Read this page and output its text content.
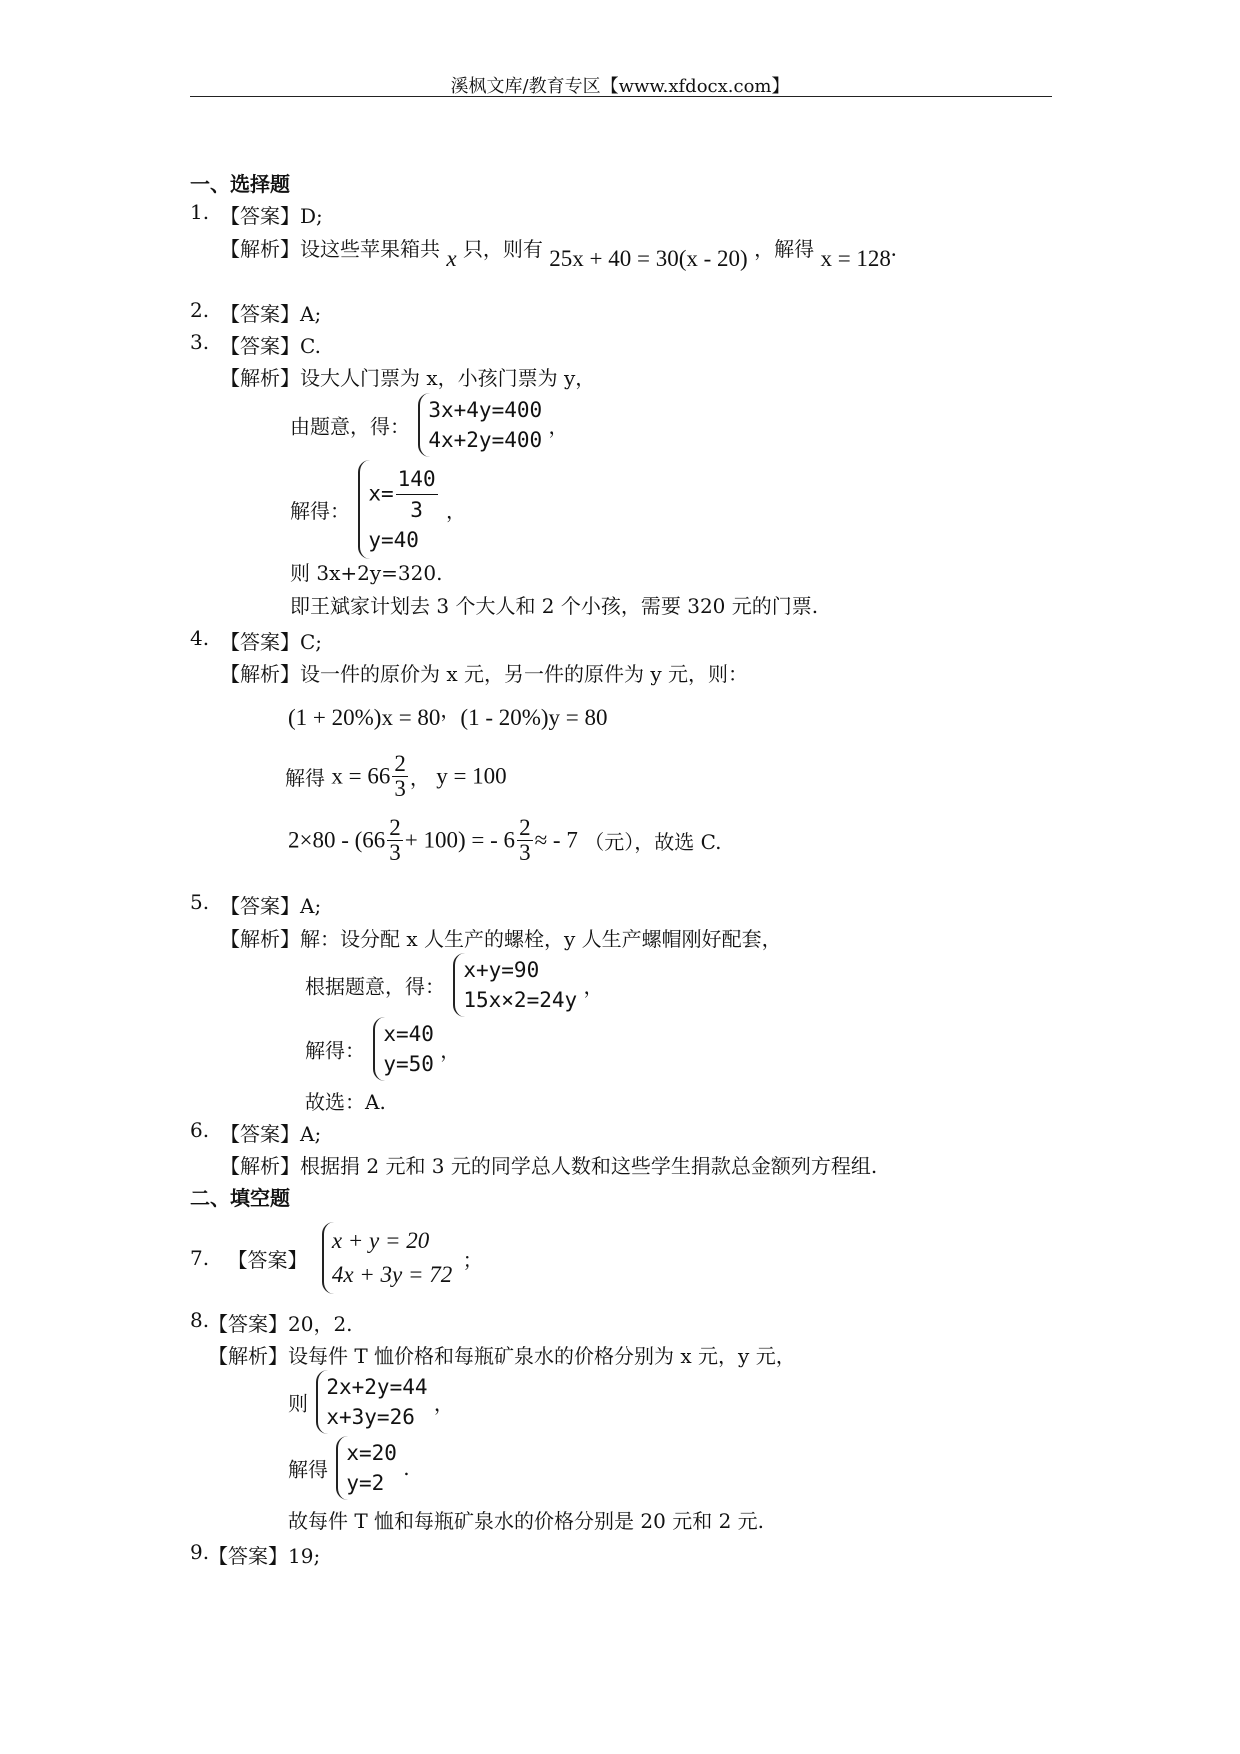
溪枫文库/教育专区【www.xfdocx.com】
一、选择题
1. 【答案】D;
【解析】设这些苹果箱共 x 只，则有 25x + 40 = 30(x - 20) ，解得 x = 128.
2. 【答案】A;
3. 【答案】C.
【解析】设大人门票为 x，小孩门票为 y，
由题意，得：
3x+4y=400
4x+2y=400
，
解得：
$x= \frac{140}{3}$
y=40
，
则 3x+2y=320.
即王斌家计划去 3 个大人和 2 个小孩，需要 320 元的门票.
4. 【答案】C;
【解析】设一件的原价为 x 元，另一件的原件为 y 元，则：
(1 + 20%)x = 80，(1 - 20%)y = 80
解得 $x = 66 \frac{2}{3}$ ， y = 100
$2\times 80 - (66 \frac{2}{3} + 100)$ = - $6 \frac{2}{3}$ ≈ - 7 （元），故选 C.
5. 【答案】A;
【解析】解：设分配 x 人生产的螺栓，y 人生产螺帽刚好配套，
根据题意，得：
x+y=90
15x×2=24y
，
解得：
x=40
y=50
，
故选：A.
6. 【答案】A;
【解析】根据捐 2 元和 3 元的同学总人数和这些学生捐款总金额列方程组.
二、填空题
7. 【答案】
x + y = 20
4x + 3y = 72
；
8.
【答案】20，2.
【解析】设每件 T 恤价格和每瓶矿泉水的价格分别为 x 元，y 元，
则
2x+2y=44
x+3y=26
，
解得
x=20
y=2
.
故每件 T 恤和每瓶矿泉水的价格分别是 20 元和 2 元.
9.
【答案】19;
